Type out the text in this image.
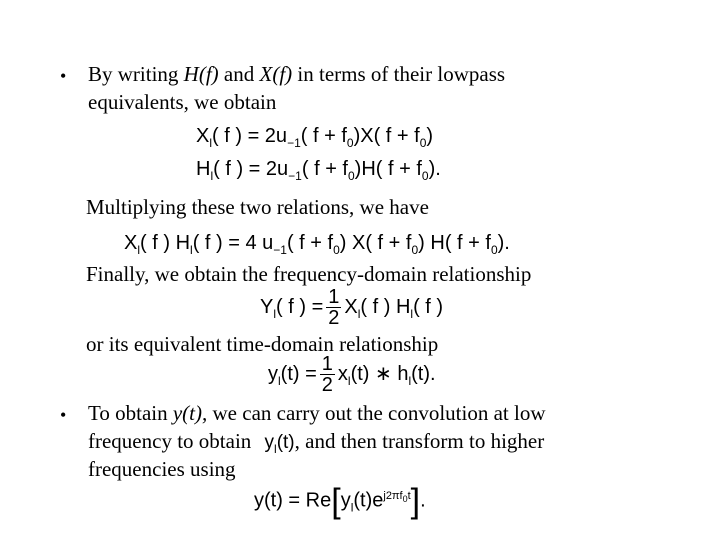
• By writing H(f) and X(f) in terms of their lowpass
equivalents, we obtain
$X_l$( f ) = $2u_{-1}$( $f + f_0)X$( $f + f_0$)
$H_l$( f ) = $2u_{-1}$( $f + f_0)H$( $f + f_0$).
Multiplying these two relations, we have
$X_l$( f ) $H_l$( f ) = 4 $u_{-1}$( $f + f_0$) X( $f + f_0$) H( $f + f_0$).
Finally, we obtain the frequency-domain relationship
$Y_l$( f ) = $\frac{1}{2} X_l$( f ) $H_l$( f )
or its equivalent time-domain relationship
$y_l(t) = \frac{1}{2} x_l(t)$ ∗ $h_l(t)$.
• To obtain y(t), we can carry out the convolution at low
frequency to obtain $y_l(t)$, and then transform to higher
frequencies using
$y(t) = Re[y_l(t)e^{j2\pi f_0t}]$.
